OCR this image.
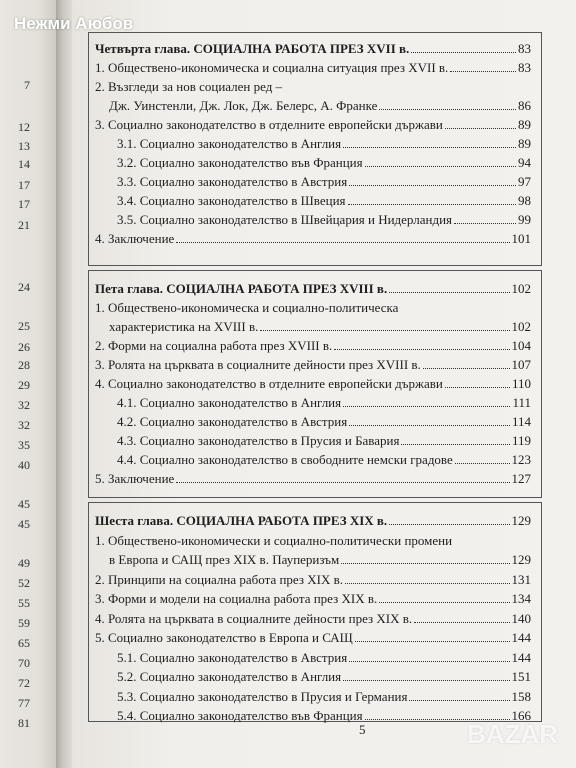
7
12
13
14
17
17
21
24
25
26
28
29
32
32
35
40
45
45
49
52
55
59
65
70
72
77
81
Четвърта глава. СОЦИАЛНА РАБОТА ПРЕЗ XVII в.	83
1. Обществено-икономическа и социална ситуация през XVII в.	83
2. Възгледи за нов социален ред –
Дж. Уинстенли, Дж. Лок, Дж. Белерс, А. Франке	86
3. Социално законодателство в отделните европейски държави	89
3.1. Социално законодателство в Англия	89
3.2. Социално законодателство във Франция	94
3.3. Социално законодателство в Австрия	97
3.4. Социално законодателство в Швеция	98
3.5. Социално законодателство в Швейцария и Нидерландия	99
4. Заключение	101
Пета глава. СОЦИАЛНА РАБОТА ПРЕЗ XVIII в.	102
1. Обществено-икономическа и социално-политическа
характеристика на XVIII в.	102
2. Форми на социална работа през XVIII в.	104
3. Ролята на църквата в социалните дейности през XVIII в.	107
4. Социално законодателство в отделните европейски държави	110
4.1. Социално законодателство в Англия	111
4.2. Социално законодателство в Австрия	114
4.3. Социално законодателство в Прусия и Бавария	119
4.4. Социално законодателство в свободните немски градове	123
5. Заключение	127
Шеста глава. СОЦИАЛНА РАБОТА ПРЕЗ XIX в.	129
1. Обществено-икономически и социално-политически промени
в Европа и САЩ през XIX в. Пауперизъм	129
2. Принципи на социална работа през XIX в.	131
3. Форми и модели на социална работа през XIX в.	134
4. Ролята на църквата в социалните дейности през XIX в.	140
5. Социално законодателство в Европа и САЩ	144
5.1. Социално законодателство в Австрия	144
5.2. Социално законодателство в Англия	151
5.3. Социално законодателство в Прусия и Германия	158
5.4. Социално законодателство във Франция	166
5
Нежми Аюбов
BAZAR
